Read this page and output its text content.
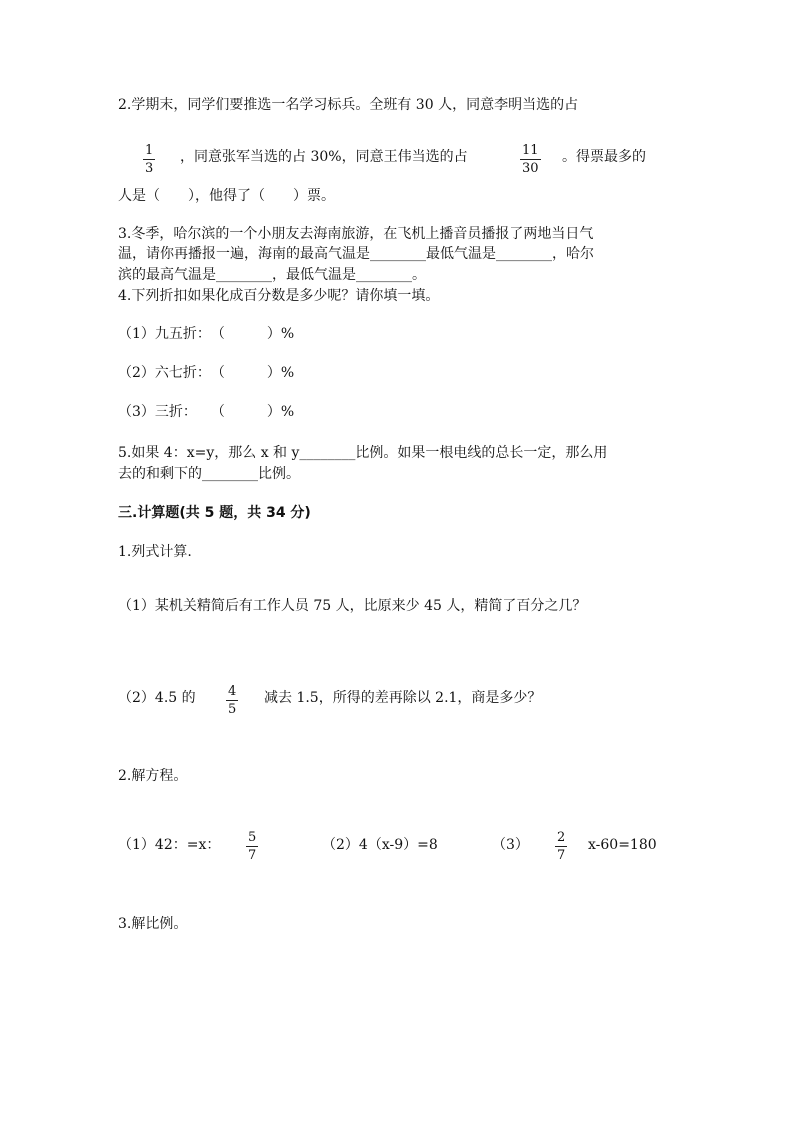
2.学期末，同学们要推选一名学习标兵。全班有 30 人，同意李明当选的占
1
3
，同意张军当选的占 30%，同意王伟当选的占	11
30
。得票最多的
人是（　　），他得了（　　）票。
3.冬季，哈尔滨的一个小朋友去海南旅游，在飞机上播音员播报了两地当日气
温，请你再播报一遍，海南的最高气温是________最低气温是________，哈尔
滨的最高气温是________，最低气温是________。
4.下列折扣如果化成百分数是多少呢？请你填一填。
（1）九五折：　（　　　）%
（2）六七折：　（　　　）%
（3）三折：　　（　　　）%
5.如果 4：x=y，那么 x 和 y________比例。如果一根电线的总长一定，那么用
去的和剩下的________比例。
三.计算题(共 5 题，共 34 分)
1.列式计算.
（1）某机关精简后有工作人员 75 人，比原来少 45 人，精简了百分之几？
（2）4.5 的 4
5
减去 1.5，所得的差再除以 2.1，商是多少？
2.解方程。
（1）42：=x： 5
7
（2）4（x-9）=8	（3） 2
7
x-60=180
3.解比例。
